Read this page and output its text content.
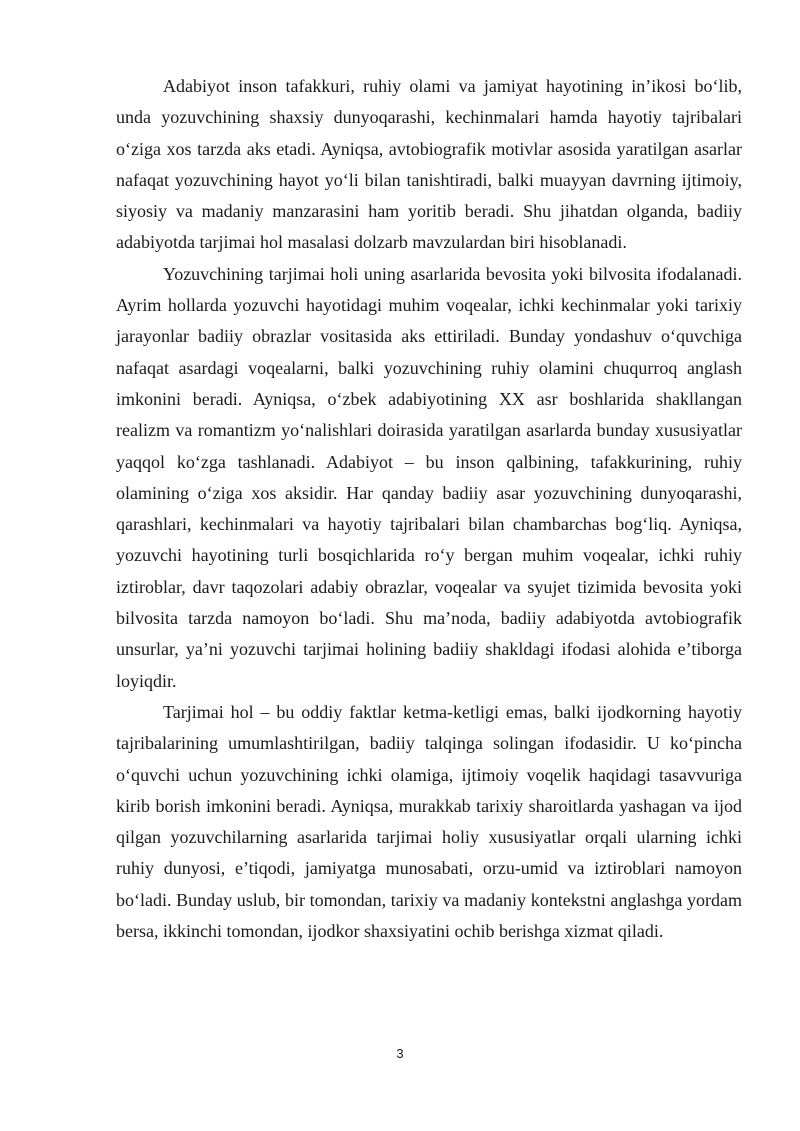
Adabiyot inson tafakkuri, ruhiy olami va jamiyat hayotining in’ikosi bo‘lib, unda yozuvchining shaxsiy dunyoqarashi, kechinmalari hamda hayotiy tajribalari o‘ziga xos tarzda aks etadi. Ayniqsa, avtobiografik motivlar asosida yaratilgan asarlar nafaqat yozuvchining hayot yo‘li bilan tanishtiradi, balki muayyan davrning ijtimoiy, siyosiy va madaniy manzarasini ham yoritib beradi. Shu jihatdan olganda, badiiy adabiyotda tarjimai hol masalasi dolzarb mavzulardan biri hisoblanadi.

Yozuvchining tarjimai holi uning asarlarida bevosita yoki bilvosita ifodalanadi. Ayrim hollarda yozuvchi hayotidagi muhim voqealar, ichki kechinmalar yoki tarixiy jarayonlar badiiy obrazlar vositasida aks ettiriladi. Bunday yondashuv o‘quvchiga nafaqat asardagi voqealarni, balki yozuvchining ruhiy olamini chuqurroq anglash imkonini beradi. Ayniqsa, o‘zbek adabiyotining XX asr boshlarida shakllangan realizm va romantizm yo‘nalishlari doirasida yaratilgan asarlarda bunday xususiyatlar yaqqol ko‘zga tashlanadi. Adabiyot – bu inson qalbining, tafakkurining, ruhiy olamining o‘ziga xos aksidir. Har qanday badiiy asar yozuvchining dunyoqarashi, qarashlari, kechinmalari va hayotiy tajribalari bilan chambarchas bog‘liq. Ayniqsa, yozuvchi hayotining turli bosqichlarida ro‘y bergan muhim voqealar, ichki ruhiy iztiroblar, davr taqozolari adabiy obrazlar, voqealar va syujet tizimida bevosita yoki bilvosita tarzda namoyon bo‘ladi. Shu ma’noda, badiiy adabiyotda avtobiografik unsurlar, ya’ni yozuvchi tarjimai holining badiiy shakldagi ifodasi alohida e’tiborga loyiqdir.

Tarjimai hol – bu oddiy faktlar ketma-ketligi emas, balki ijodkorning hayotiy tajribalarining umumlashtirilgan, badiiy talqinga solingan ifodasidir. U ko‘pincha o‘quvchi uchun yozuvchining ichki olamiga, ijtimoiy voqelik haqidagi tasavvuriga kirib borish imkonini beradi. Ayniqsa, murakkab tarixiy sharoitlarda yashagan va ijod qilgan yozuvchilarning asarlarida tarjimai holiy xususiyatlar orqali ularning ichki ruhiy dunyosi, e’tiqodi, jamiyatga munosabati, orzu-umid va iztiroblari namoyon bo‘ladi. Bunday uslub, bir tomondan, tarixiy va madaniy kontekstni anglashga yordam bersa, ikkinchi tomondan, ijodkor shaxsiyatini ochib berishga xizmat qiladi.

3
